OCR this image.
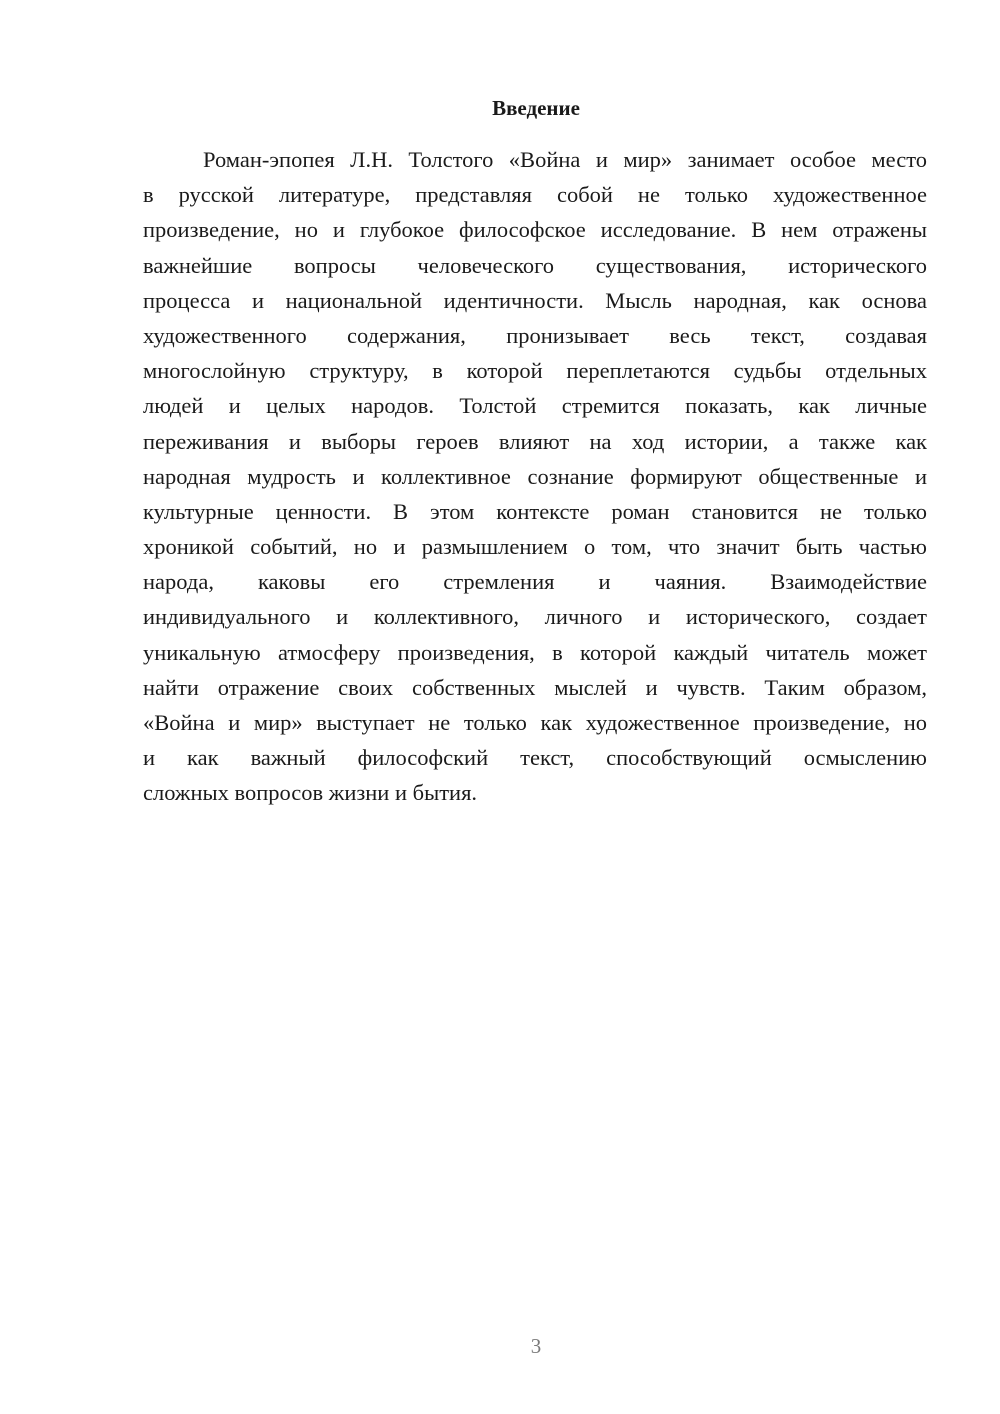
Введение
Роман-эпопея Л.Н. Толстого «Война и мир» занимает особое место
в русской литературе, представляя собой не только художественное
произведение, но и глубокое философское исследование. В нем отражены
важнейшие вопросы человеческого существования, исторического
процесса и национальной идентичности. Мысль народная, как основа
художественного содержания, пронизывает весь текст, создавая
многослойную структуру, в которой переплетаются судьбы отдельных
людей и целых народов. Толстой стремится показать, как личные
переживания и выборы героев влияют на ход истории, а также как
народная мудрость и коллективное сознание формируют общественные и
культурные ценности. В этом контексте роман становится не только
хроникой событий, но и размышлением о том, что значит быть частью
народа, каковы его стремления и чаяния. Взаимодействие
индивидуального и коллективного, личного и исторического, создает
уникальную атмосферу произведения, в которой каждый читатель может
найти отражение своих собственных мыслей и чувств. Таким образом,
«Война и мир» выступает не только как художественное произведение, но
и как важный философский текст, способствующий осмыслению
сложных вопросов жизни и бытия.
3
